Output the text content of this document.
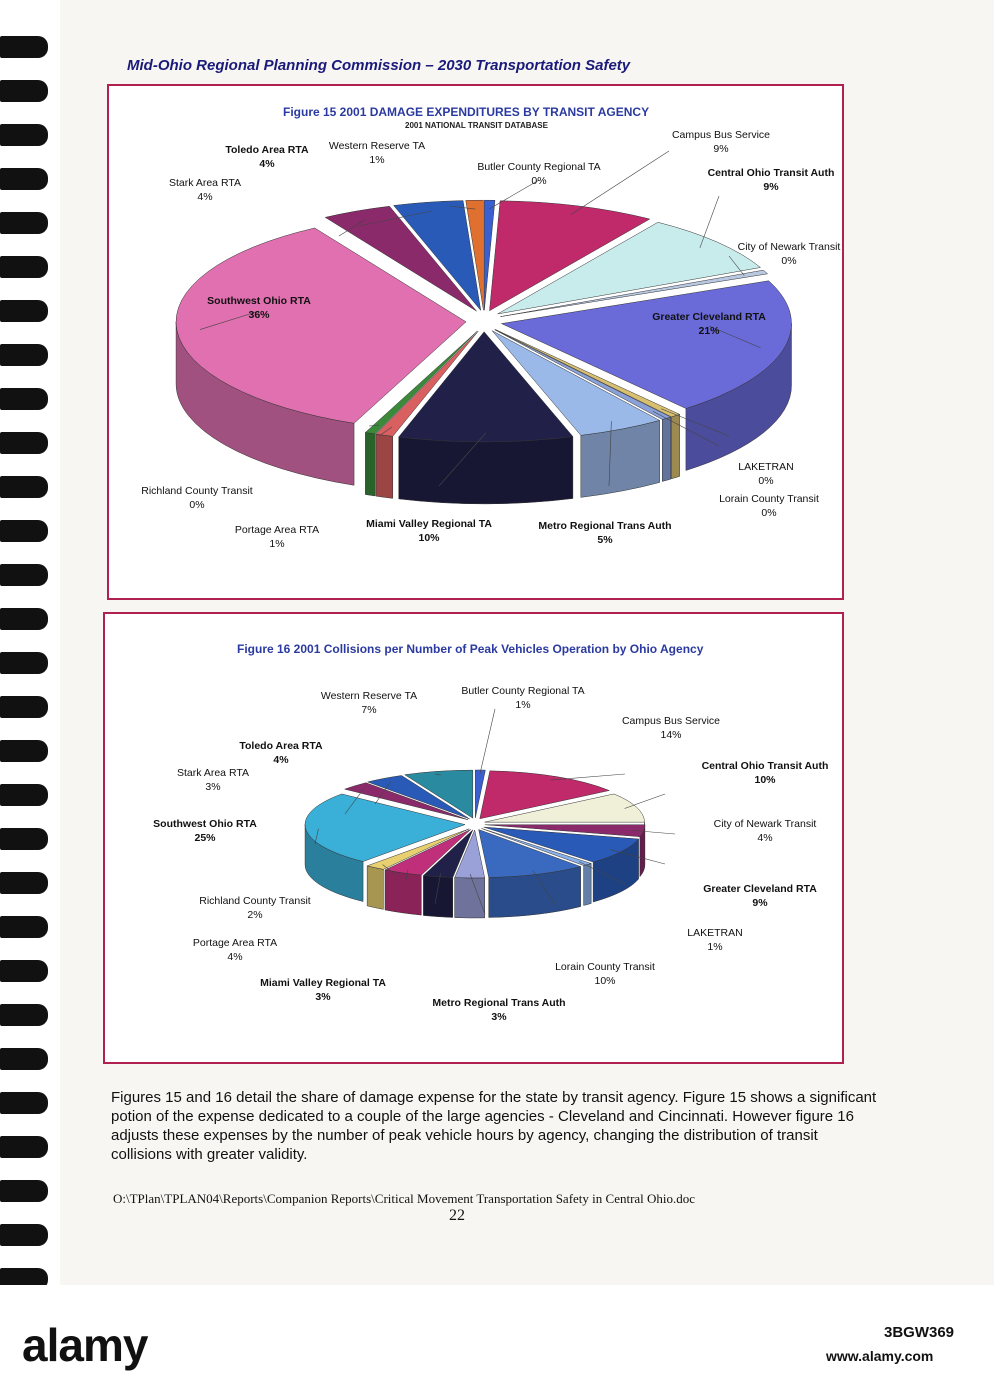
Mid-Ohio Regional Planning Commission – 2030 Transportation Safety
Figure 15 2001 DAMAGE EXPENDITURES BY TRANSIT AGENCY
2001 NATIONAL TRANSIT DATABASE
Butler County Regional TA
0%
Campus Bus Service
9%
Central Ohio Transit Auth
9%
City of Newark Transit
0%
Greater Cleveland RTA
21%
LAKETRAN
0%
Lorain County Transit
0%
Metro Regional Trans Auth
5%
Miami Valley Regional TA
10%
Portage Area RTA
1%
Richland County Transit
0%
Southwest Ohio RTA
36%
Stark Area RTA
4%
Toledo Area RTA
4%
Western Reserve TA
1%
Figure 16 2001 Collisions per Number of Peak Vehicles Operation by Ohio Agency
Butler County Regional TA
1%
Campus Bus Service
14%
Central Ohio Transit Auth
10%
City of Newark Transit
4%
Greater Cleveland RTA
9%
LAKETRAN
1%
Lorain County Transit
10%
Metro Regional Trans Auth
3%
Miami Valley Regional TA
3%
Portage Area RTA
4%
Richland County Transit
2%
Southwest Ohio RTA
25%
Stark Area RTA
3%
Toledo Area RTA
4%
Western Reserve TA
7%
Figures 15 and 16 detail the share of damage expense for the state by transit agency. Figure 15 shows a significant potion of the expense dedicated to a couple of the large agencies - Cleveland and Cincinnati. However figure 16 adjusts these expenses by the number of peak vehicle hours by agency, changing the distribution of transit collisions with greater validity.
O:\TPlan\TPLAN04\Reports\Companion Reports\Critical Movement Transportation Safety in Central Ohio.doc
22
alamy	3BGW369
www.alamy.com
